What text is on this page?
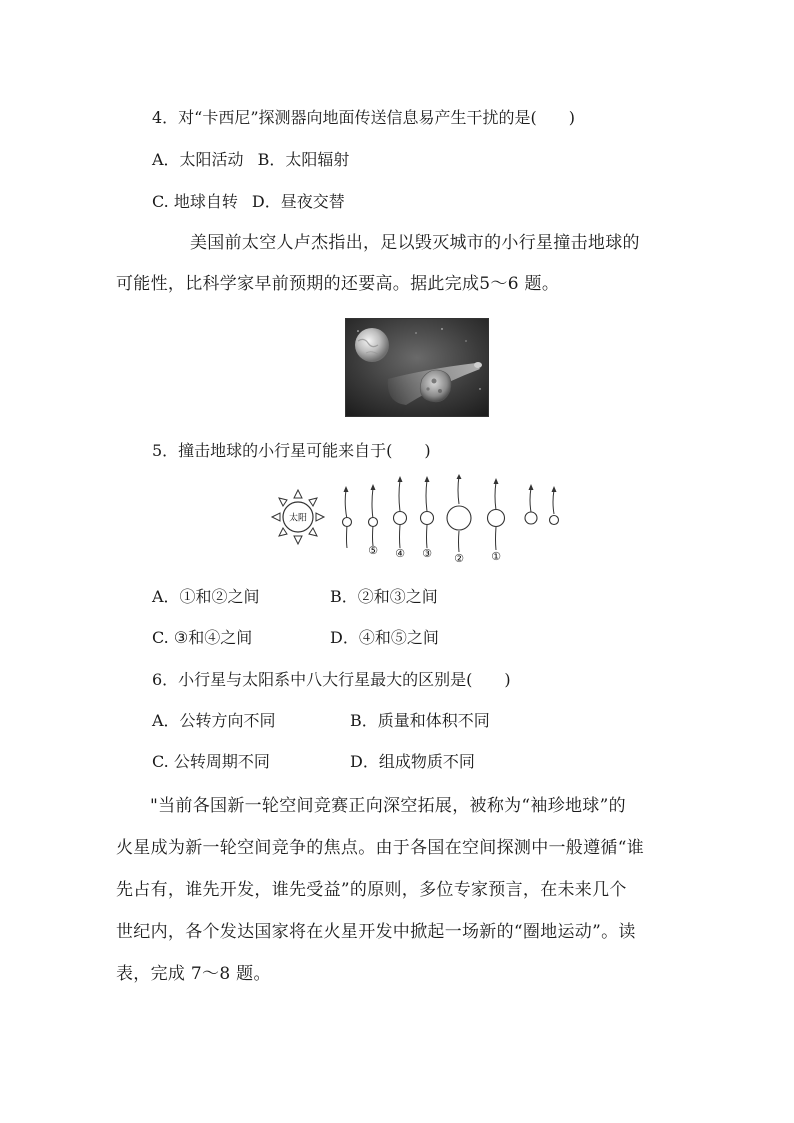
4．对“卡西尼”探测器向地面传送信息易产生干扰的是(　　)
A．太阳活动 B．太阳辐射
C. 地球自转 D．昼夜交替
美国前太空人卢杰指出，足以毁灭城市的小行星撞击地球的
可能性，比科学家早前预期的还要高。据此完成5～6 题。
5．撞击地球的小行星可能来自于(　　)
太阳
⑤ ④ ③ ② ①
A．①和②之间	B．②和③之间
C. ③和④之间	D．④和⑤之间
6．小行星与太阳系中八大行星最大的区别是(　　)
A．公转方向不同	B．质量和体积不同
C. 公转周期不同	D．组成物质不同
"当前各国新一轮空间竞赛正向深空拓展，被称为“袖珍地球”的
火星成为新一轮空间竞争的焦点。由于各国在空间探测中一般遵循“谁
先占有，谁先开发，谁先受益”的原则，多位专家预言，在未来几个
世纪内，各个发达国家将在火星开发中掀起一场新的“圈地运动”。读
表，完成 7～8 题。
